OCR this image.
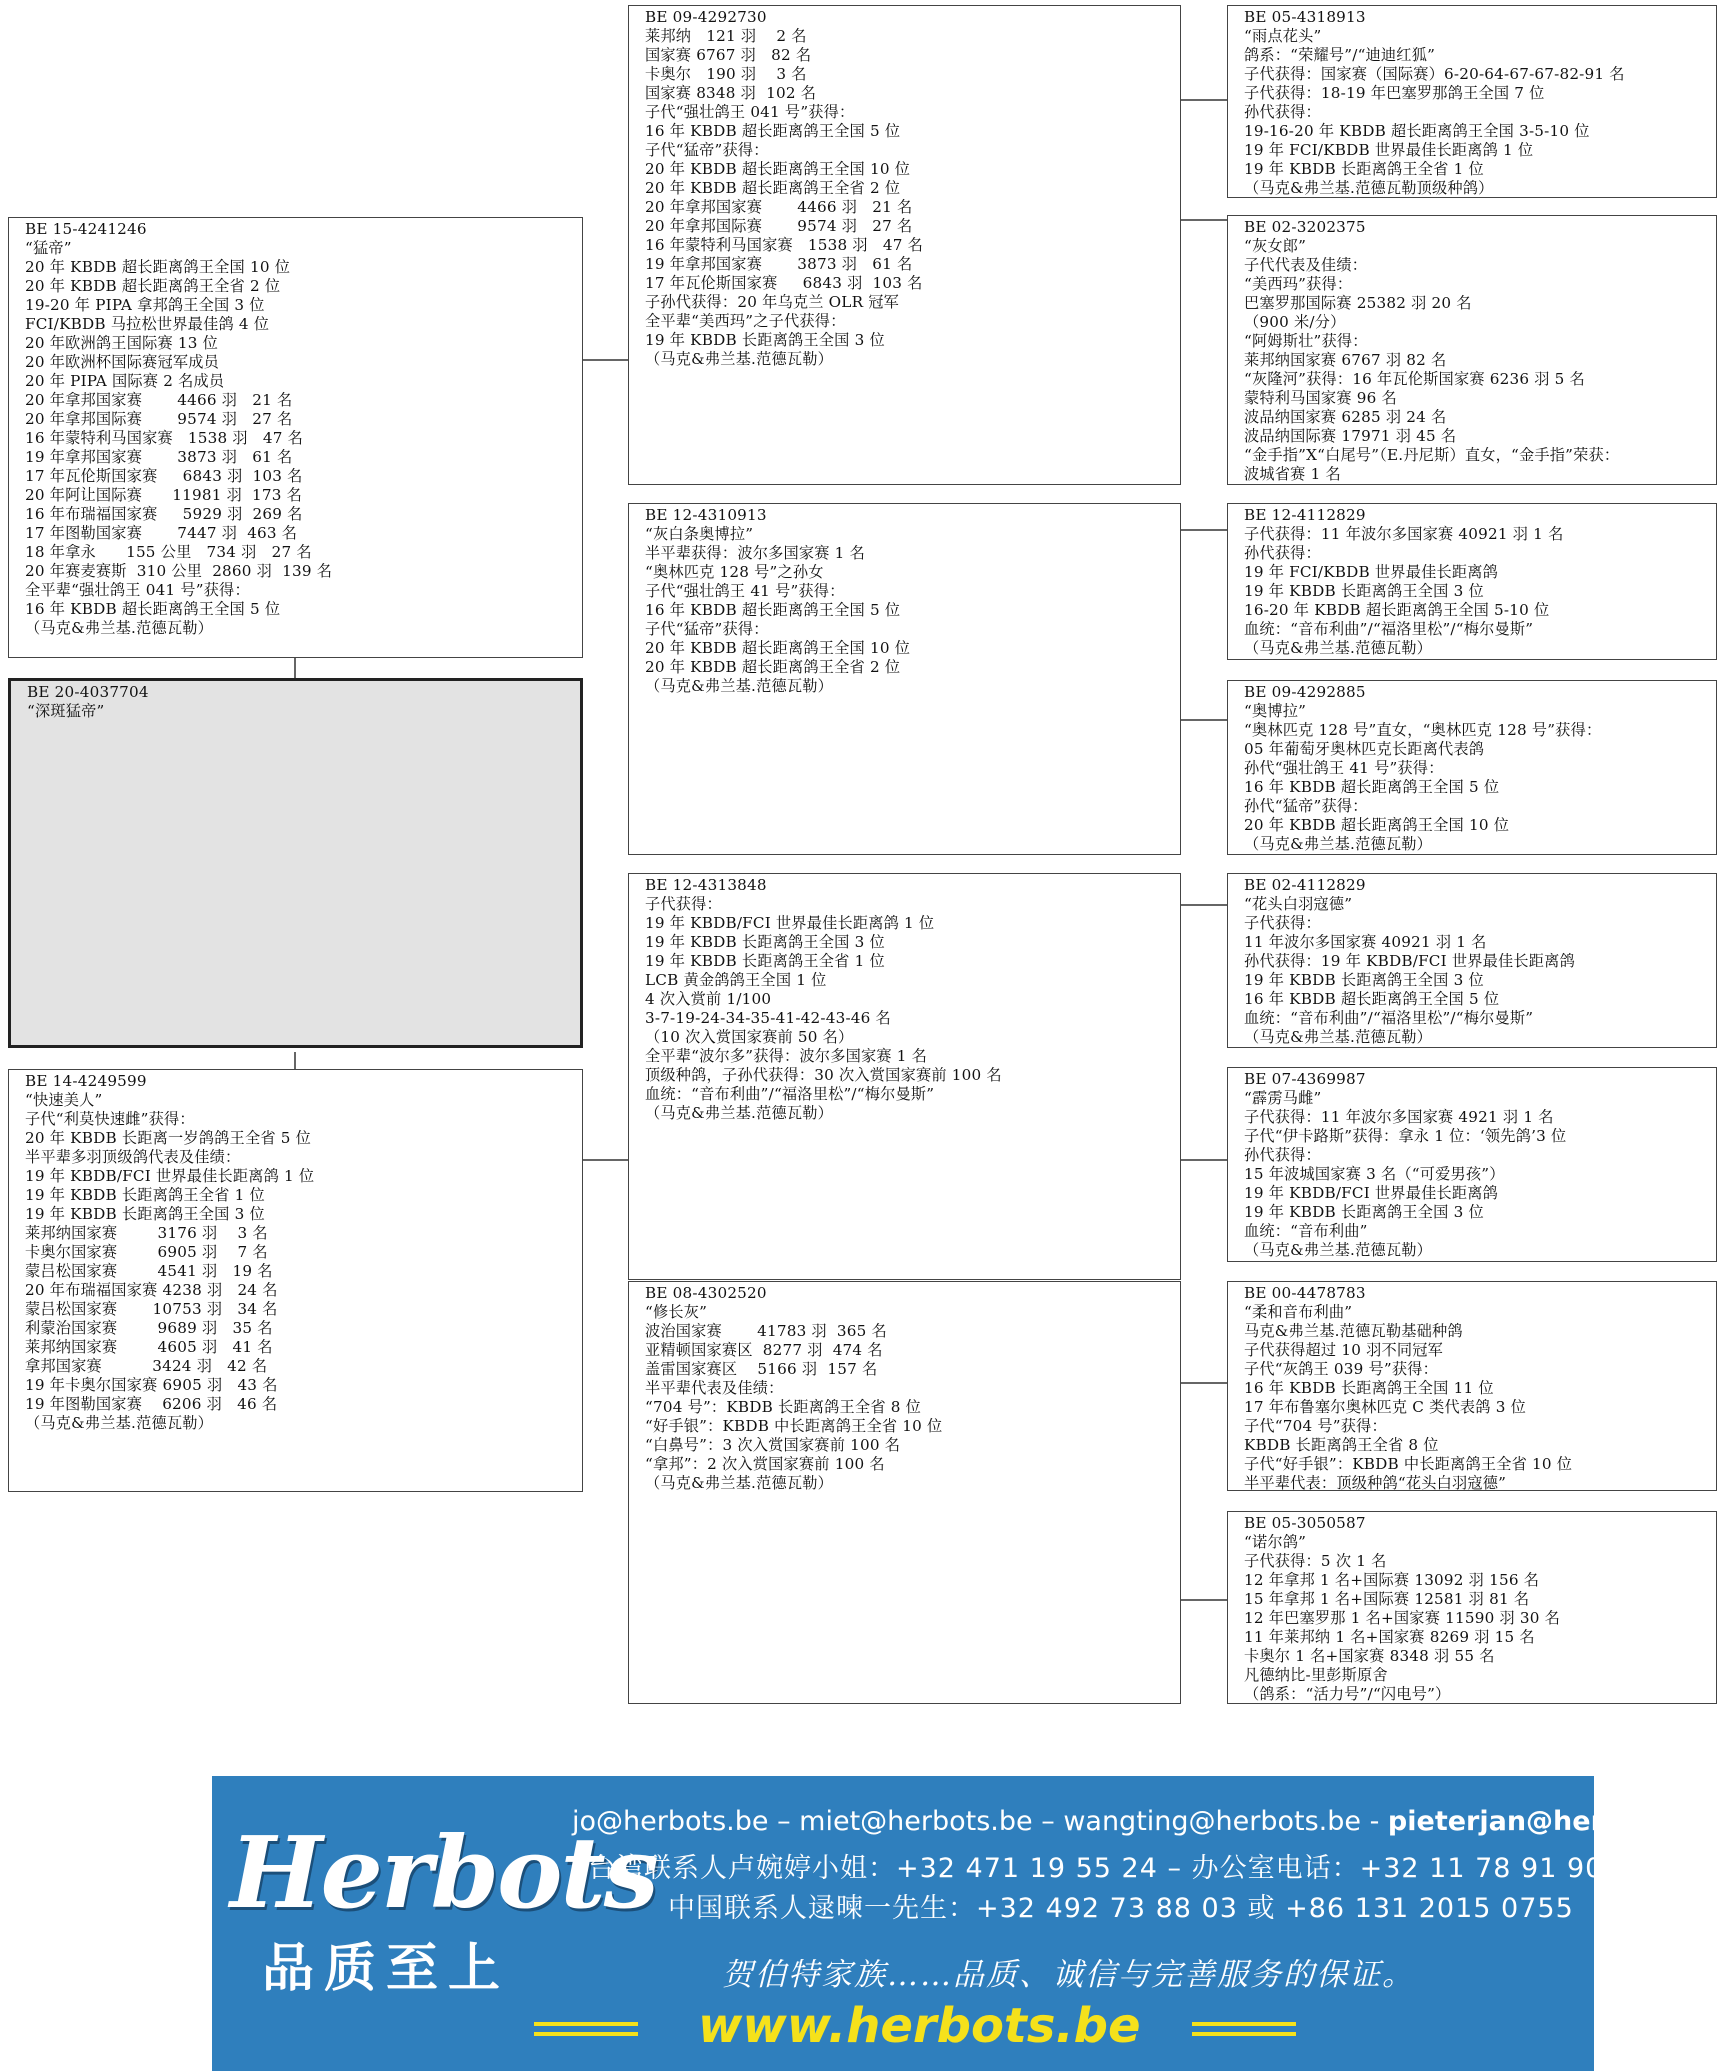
BE 15-4241246
“猛帝”
20 年 KBDB 超长距离鸽王全国 10 位
20 年 KBDB 超长距离鸽王全省 2 位
19-20 年 PIPA 拿邦鸽王全国 3 位
FCI/KBDB 马拉松世界最佳鸽 4 位
20 年欧洲鸽王国际赛 13 位
20 年欧洲杯国际赛冠军成员
20 年 PIPA 国际赛 2 名成员
20 年拿邦国家赛       4466 羽   21 名
20 年拿邦国际赛       9574 羽   27 名
16 年蒙特利马国家赛   1538 羽   47 名
19 年拿邦国家赛       3873 羽   61 名
17 年瓦伦斯国家赛     6843 羽  103 名
20 年阿让国际赛      11981 羽  173 名
16 年布瑞福国家赛     5929 羽  269 名
17 年图勒国家赛       7447 羽  463 名
18 年拿永      155 公里   734 羽   27 名
20 年赛麦赛斯  310 公里  2860 羽  139 名
全平辈“强壮鸽王 041 号”获得：
16 年 KBDB 超长距离鸽王全国 5 位
（马克&弗兰基.范德瓦勒）
BE 20-4037704
“深斑猛帝”
BE 14-4249599
“快速美人”
子代“利莫快速雌”获得：
20 年 KBDB 长距离一岁鸽鸽王全省 5 位
半平辈多羽顶级鸽代表及佳绩：
19 年 KBDB/FCI 世界最佳长距离鸽 1 位
19 年 KBDB 长距离鸽王全省 1 位
19 年 KBDB 长距离鸽王全国 3 位
莱邦纳国家赛        3176 羽    3 名
卡奥尔国家赛        6905 羽    7 名
蒙吕松国家赛        4541 羽   19 名
20 年布瑞福国家赛 4238 羽   24 名
蒙吕松国家赛       10753 羽   34 名
利蒙治国家赛        9689 羽   35 名
莱邦纳国家赛        4605 羽   41 名
拿邦国家赛          3424 羽   42 名
19 年卡奥尔国家赛 6905 羽   43 名
19 年图勒国家赛    6206 羽   46 名
（马克&弗兰基.范德瓦勒）
BE 09-4292730
莱邦纳   121 羽    2 名
国家赛 6767 羽   82 名
卡奥尔   190 羽    3 名
国家赛 8348 羽  102 名
子代“强壮鸽王 041 号”获得：
16 年 KBDB 超长距离鸽王全国 5 位
子代“猛帝”获得：
20 年 KBDB 超长距离鸽王全国 10 位
20 年 KBDB 超长距离鸽王全省 2 位
20 年拿邦国家赛       4466 羽   21 名
20 年拿邦国际赛       9574 羽   27 名
16 年蒙特利马国家赛   1538 羽   47 名
19 年拿邦国家赛       3873 羽   61 名
17 年瓦伦斯国家赛     6843 羽  103 名
子孙代获得：20 年乌克兰 OLR 冠军
全平辈“美西玛”之子代获得：
19 年 KBDB 长距离鸽王全国 3 位
（马克&弗兰基.范德瓦勒）
BE 12-4310913
“灰白条奥博拉”
半平辈获得：波尔多国家赛 1 名
“奥林匹克 128 号”之孙女
子代“强壮鸽王 41 号”获得：
16 年 KBDB 超长距离鸽王全国 5 位
子代“猛帝”获得：
20 年 KBDB 超长距离鸽王全国 10 位
20 年 KBDB 超长距离鸽王全省 2 位
（马克&弗兰基.范德瓦勒）
BE 12-4313848
子代获得：
19 年 KBDB/FCI 世界最佳长距离鸽 1 位
19 年 KBDB 长距离鸽王全国 3 位
19 年 KBDB 长距离鸽王全省 1 位
LCB 黄金鸽鸽王全国 1 位
4 次入赏前 1/100
3-7-19-24-34-35-41-42-43-46 名
（10 次入赏国家赛前 50 名）
全平辈“波尔多”获得：波尔多国家赛 1 名
顶级种鸽，子孙代获得：30 次入赏国家赛前 100 名
血统：“音布利曲”/“福洛里松”/“梅尔曼斯”
（马克&弗兰基.范德瓦勒）
BE 08-4302520
“修长灰”
波治国家赛       41783 羽  365 名
亚精顿国家赛区  8277 羽  474 名
盖雷国家赛区    5166 羽  157 名
半平辈代表及佳绩：
“704 号”：KBDB 长距离鸽王全省 8 位
“好手银”：KBDB 中长距离鸽王全省 10 位
“白鼻号”：3 次入赏国家赛前 100 名
“拿邦”：2 次入赏国家赛前 100 名
（马克&弗兰基.范德瓦勒）
BE 05-4318913
“雨点花头”
鸽系：“荣耀号”/“迪迪红狐”
子代获得：国家赛（国际赛）6-20-64-67-67-82-91 名
子代获得：18-19 年巴塞罗那鸽王全国 7 位
孙代获得：
19-16-20 年 KBDB 超长距离鸽王全国 3-5-10 位
19 年 FCI/KBDB 世界最佳长距离鸽 1 位
19 年 KBDB 长距离鸽王全省 1 位
（马克&弗兰基.范德瓦勒顶级种鸽）
BE 02-3202375
“灰女郎”
子代代表及佳绩：
“美西玛”获得：
巴塞罗那国际赛 25382 羽 20 名
（900 米/分）
“阿姆斯壮”获得：
莱邦纳国家赛 6767 羽 82 名
“灰隆河”获得：16 年瓦伦斯国家赛 6236 羽 5 名
蒙特利马国家赛 96 名
波品纳国家赛 6285 羽 24 名
波品纳国际赛 17971 羽 45 名
“金手指”X“白尾号”（E.丹尼斯）直女，“金手指”荣获：
波城省赛 1 名
BE 12-4112829
子代获得：11 年波尔多国家赛 40921 羽 1 名
孙代获得：
19 年 FCI/KBDB 世界最佳长距离鸽
19 年 KBDB 长距离鸽王全国 3 位
16-20 年 KBDB 超长距离鸽王全国 5-10 位
血统：“音布利曲”/“福洛里松”/“梅尔曼斯”
（马克&弗兰基.范德瓦勒）
BE 09-4292885
“奥博拉”
“奥林匹克 128 号”直女，“奥林匹克 128 号”获得：
05 年葡萄牙奥林匹克长距离代表鸽
孙代“强壮鸽王 41 号”获得：
16 年 KBDB 超长距离鸽王全国 5 位
孙代“猛帝”获得：
20 年 KBDB 超长距离鸽王全国 10 位
（马克&弗兰基.范德瓦勒）
BE 02-4112829
“花头白羽寇德”
子代获得：
11 年波尔多国家赛 40921 羽 1 名
孙代获得：19 年 KBDB/FCI 世界最佳长距离鸽
19 年 KBDB 长距离鸽王全国 3 位
16 年 KBDB 超长距离鸽王全国 5 位
血统：“音布利曲”/“福洛里松”/“梅尔曼斯”
（马克&弗兰基.范德瓦勒）
BE 07-4369987
“霹雳马雌”
子代获得：11 年波尔多国家赛 4921 羽 1 名
子代“伊卡路斯”获得：拿永 1 位：‘领先鸽’3 位
孙代获得：
15 年波城国家赛 3 名（“可爱男孩”）
19 年 KBDB/FCI 世界最佳长距离鸽
19 年 KBDB 长距离鸽王全国 3 位
血统：“音布利曲”
（马克&弗兰基.范德瓦勒）
BE 00-4478783
“柔和音布利曲”
马克&弗兰基.范德瓦勒基础种鸽
子代获得超过 10 羽不同冠军
子代“灰鸽王 039 号”获得：
16 年 KBDB 长距离鸽王全国 11 位
17 年布鲁塞尔奥林匹克 C 类代表鸽 3 位
子代“704 号”获得：
KBDB 长距离鸽王全省 8 位
子代“好手银”：KBDB 中长距离鸽王全省 10 位
半平辈代表：顶级种鸽“花头白羽寇德”
BE 05-3050587
“诺尔鸽”
子代获得：5 次 1 名
12 年拿邦 1 名+国际赛 13092 羽 156 名
15 年拿邦 1 名+国际赛 12581 羽 81 名
12 年巴塞罗那 1 名+国家赛 11590 羽 30 名
11 年莱邦纳 1 名+国家赛 8269 羽 15 名
卡奥尔 1 名+国家赛 8348 羽 55 名
凡德纳比-里彭斯原舍
（鸽系：“活力号”/“闪电号”）
Herbots
品质至上
jo@herbots.be – miet@herbots.be – wangting@herbots.be - pieterjan@herbots.be
台湾联系人卢婉婷小姐：+32 471 19 55 24 – 办公室电话：+32 11 78 91 90
中国联系人逯暕一先生：+32 492 73 88 03 或 +86 131 2015 0755
贺伯特家族……品质、诚信与完善服务的保证。
www.herbots.be
